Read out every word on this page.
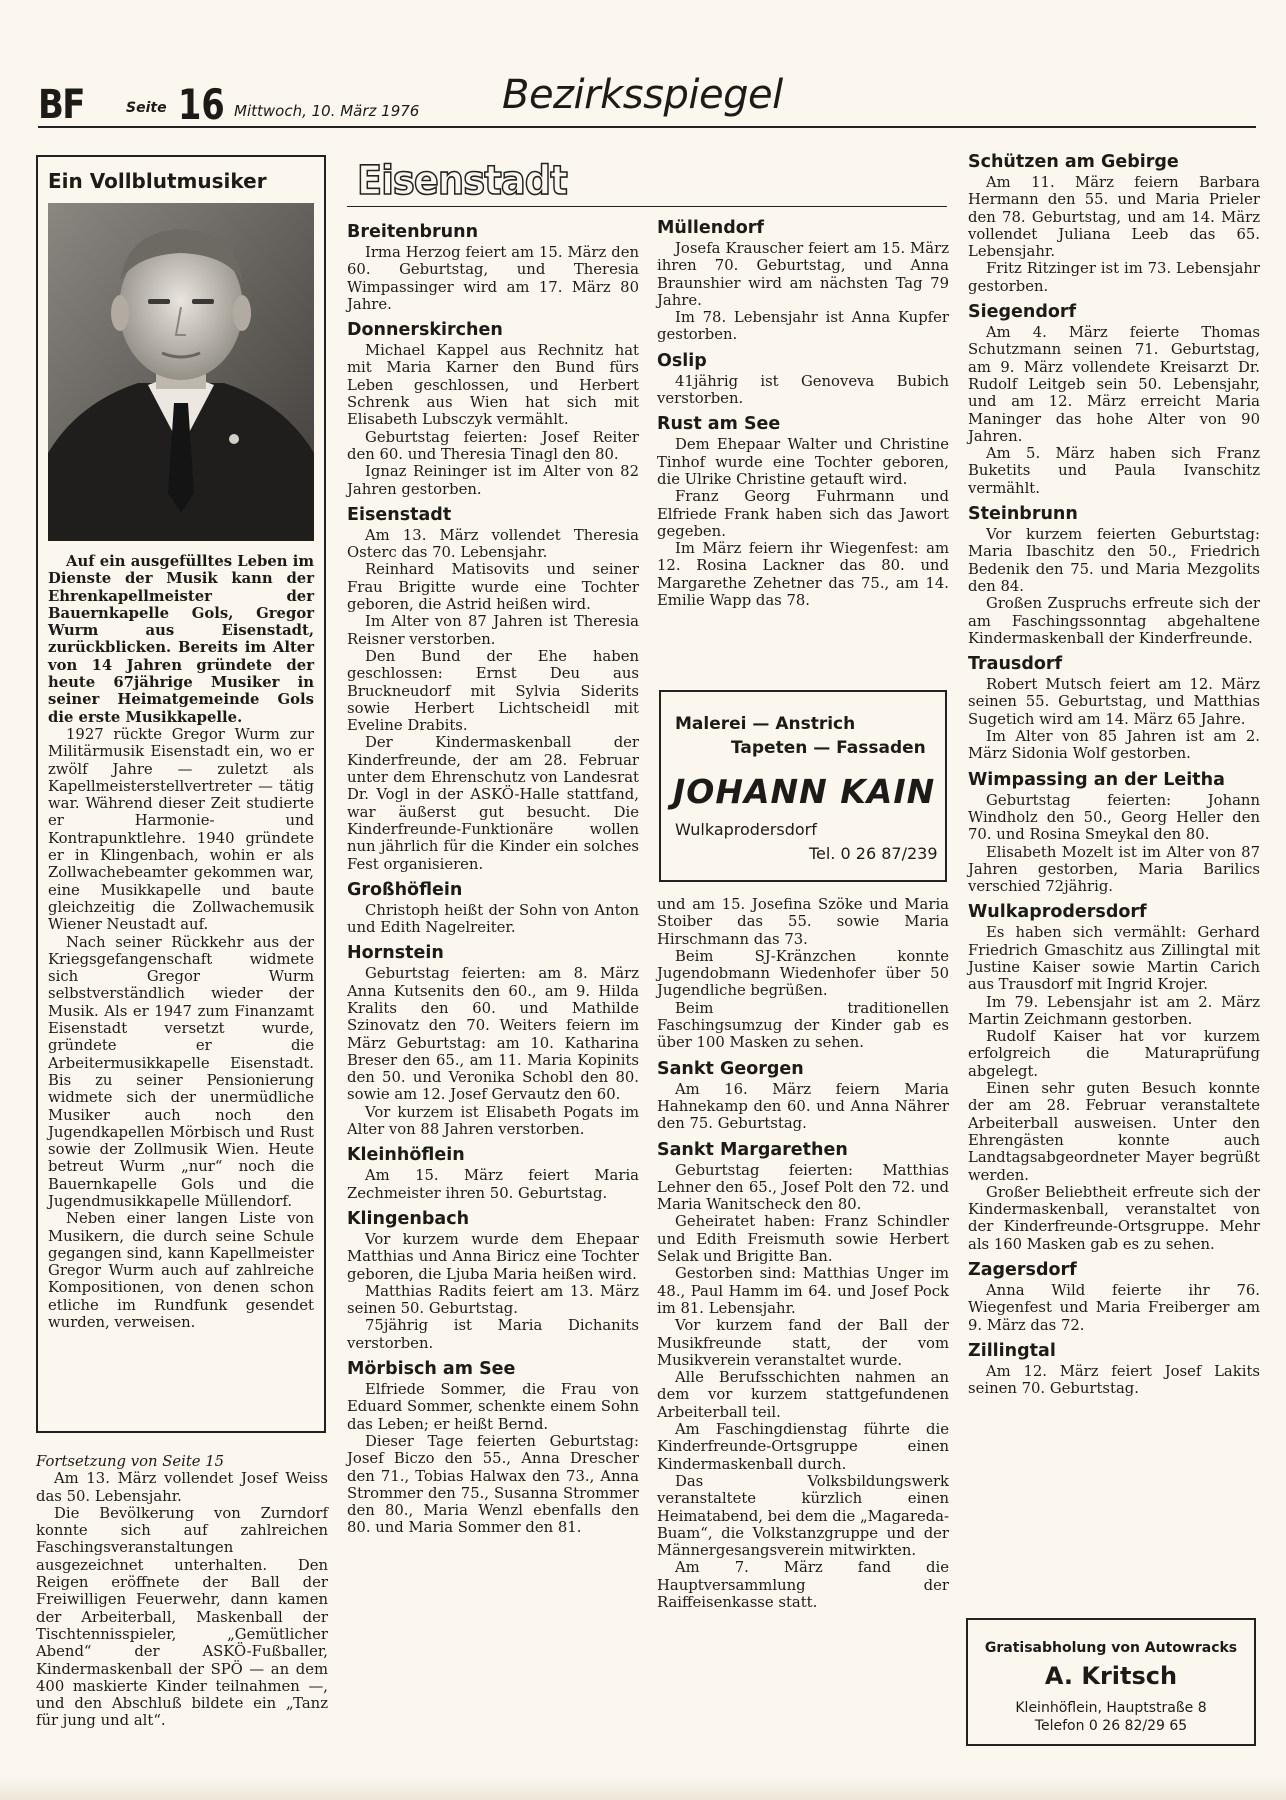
BF	Seite 16 Mittwoch, 10. März 1976 Bezirksspiegel
Ein Vollblutmusiker

Auf ein ausgefülltes Leben im Dienste der Musik kann der Ehrenkapellmeister der Bauernkapelle Gols, Gregor Wurm aus Eisenstadt, zurückblicken. Bereits im Alter von 14 Jahren gründete der heute 67jährige Musiker in seiner Heimatgemeinde Gols die erste Musikkapelle.

1927 rückte Gregor Wurm zur Militärmusik Eisenstadt ein, wo er zwölf Jahre — zuletzt als Kapellmeisterstellvertreter — tätig war. Während dieser Zeit studierte er Harmonie- und Kontrapunktlehre. 1940 gründete er in Klingenbach, wohin er als Zollwachebeamter gekommen war, eine Musikkapelle und baute gleichzeitig die Zollwachemusik Wiener Neustadt auf.

Nach seiner Rückkehr aus der Kriegsgefangenschaft widmete sich Gregor Wurm selbstverständlich wieder der Musik. Als er 1947 zum Finanzamt Eisenstadt versetzt wurde, gründete er die Arbeitermusikkapelle Eisenstadt. Bis zu seiner Pensionierung widmete sich der unermüdliche Musiker auch noch den Jugendkapellen Mörbisch und Rust sowie der Zollmusik Wien. Heute betreut Wurm „nur“ noch die Bauernkapelle Gols und die Jugendmusikkapelle Müllendorf.

Neben einer langen Liste von Musikern, die durch seine Schule gegangen sind, kann Kapellmeister Gregor Wurm auch auf zahlreiche Kompositionen, von denen schon etliche im Rundfunk gesendet wurden, verweisen.

Fortsetzung von Seite 15

Am 13. März vollendet Josef Weiss das 50. Lebensjahr.

Die Bevölkerung von Zurndorf konnte sich auf zahlreichen Faschingsveranstaltungen ausgezeichnet unterhalten. Den Reigen eröffnete der Ball der Freiwilligen Feuerwehr, dann kamen der Arbeiterball, Maskenball der Tischtennisspieler, „Gemütlicher Abend“ der ASKÖ-Fußballer, Kindermaskenball der SPÖ — an dem 400 maskierte Kinder teilnahmen —, und den Abschluß bildete ein „Tanz für jung und alt“.

Eisenstadt
Breitenbrunn

Irma Herzog feiert am 15. März den 60. Geburtstag, und Theresia Wimpassinger wird am 17. März 80 Jahre.

Donnerskirchen

Michael Kappel aus Rechnitz hat mit Maria Karner den Bund fürs Leben geschlossen, und Herbert Schrenk aus Wien hat sich mit Elisabeth Lubsczyk vermählt.

Geburtstag feierten: Josef Reiter den 60. und Theresia Tinagl den 80.

Ignaz Reininger ist im Alter von 82 Jahren gestorben.

Eisenstadt

Am 13. März vollendet Theresia Osterc das 70. Lebensjahr.

Reinhard Matisovits und seiner Frau Brigitte wurde eine Tochter geboren, die Astrid heißen wird.

Im Alter von 87 Jahren ist Theresia Reisner verstorben.

Den Bund der Ehe haben geschlossen: Ernst Deu aus Bruckneudorf mit Sylvia Siderits sowie Herbert Lichtscheidl mit Eveline Drabits.

Der Kindermaskenball der Kinderfreunde, der am 28. Februar unter dem Ehrenschutz von Landesrat Dr. Vogl in der ASKÖ-Halle stattfand, war äußerst gut besucht. Die Kinderfreunde-Funktionäre wollen nun jährlich für die Kinder ein solches Fest organisieren.

Großhöflein

Christoph heißt der Sohn von Anton und Edith Nagelreiter.

Hornstein

Geburtstag feierten: am 8. März Anna Kutsenits den 60., am 9. Hilda Kralits den 60. und Mathilde Szinovatz den 70. Weiters feiern im März Geburtstag: am 10. Katharina Breser den 65., am 11. Maria Kopinits den 50. und Veronika Schobl den 80. sowie am 12. Josef Gervautz den 60.

Vor kurzem ist Elisabeth Pogats im Alter von 88 Jahren verstorben.

Kleinhöflein

Am 15. März feiert Maria Zechmeister ihren 50. Geburtstag.

Klingenbach

Vor kurzem wurde dem Ehepaar Matthias und Anna Biricz eine Tochter geboren, die Ljuba Maria heißen wird.

Matthias Radits feiert am 13. März seinen 50. Geburtstag.

75jährig ist Maria Dichanits verstorben.

Mörbisch am See

Elfriede Sommer, die Frau von Eduard Sommer, schenkte einem Sohn das Leben; er heißt Bernd.

Dieser Tage feierten Geburtstag: Josef Biczo den 55., Anna Drescher den 71., Tobias Halwax den 73., Anna Strommer den 75., Susanna Strommer den 80., Maria Wenzl ebenfalls den 80. und Maria Sommer den 81.

Müllendorf

Josefa Krauscher feiert am 15. März ihren 70. Geburtstag, und Anna Braunshier wird am nächsten Tag 79 Jahre.

Im 78. Lebensjahr ist Anna Kupfer gestorben.

Oslip

41jährig ist Genoveva Bubich verstorben.

Rust am See

Dem Ehepaar Walter und Christine Tinhof wurde eine Tochter geboren, die Ulrike Christine getauft wird.

Franz Georg Fuhrmann und Elfriede Frank haben sich das Jawort gegeben.

Im März feiern ihr Wiegenfest: am 12. Rosina Lackner das 80. und Margarethe Zehetner das 75., am 14. Emilie Wapp das 78.

und am 15. Josefina Szöke und Maria Stoiber das 55. sowie Maria Hirschmann das 73.

Beim SJ-Kränzchen konnte Jugendobmann Wiedenhofer über 50 Jugendliche begrüßen.

Beim traditionellen Faschingsumzug der Kinder gab es über 100 Masken zu sehen.

Sankt Georgen

Am 16. März feiern Maria Hahnekamp den 60. und Anna Nährer den 75. Geburtstag.

Sankt Margarethen

Geburtstag feierten: Matthias Lehner den 65., Josef Polt den 72. und Maria Wanitscheck den 80.

Geheiratet haben: Franz Schindler und Edith Freismuth sowie Herbert Selak und Brigitte Ban.

Gestorben sind: Matthias Unger im 48., Paul Hamm im 64. und Josef Pock im 81. Lebensjahr.

Vor kurzem fand der Ball der Musikfreunde statt, der vom Musikverein veranstaltet wurde.

Alle Berufsschichten nahmen an dem vor kurzem stattgefundenen Arbeiterball teil.

Am Faschingdienstag führte die Kinderfreunde-Ortsgruppe einen Kindermaskenball durch.

Das Volksbildungswerk veranstaltete kürzlich einen Heimatabend, bei dem die „Magareda-Buam“, die Volkstanzgruppe und der Männergesangsverein mitwirkten.

Am 7. März fand die Hauptversammlung der Raiffeisenkasse statt.

Schützen am Gebirge

Am 11. März feiern Barbara Hermann den 55. und Maria Prieler den 78. Geburtstag, und am 14. März vollendet Juliana Leeb das 65. Lebensjahr.

Fritz Ritzinger ist im 73. Lebensjahr gestorben.

Siegendorf

Am 4. März feierte Thomas Schutzmann seinen 71. Geburtstag, am 9. März vollendete Kreisarzt Dr. Rudolf Leitgeb sein 50. Lebensjahr, und am 12. März erreicht Maria Maninger das hohe Alter von 90 Jahren.

Am 5. März haben sich Franz Buketits und Paula Ivanschitz vermählt.

Steinbrunn

Vor kurzem feierten Geburtstag: Maria Ibaschitz den 50., Friedrich Bedenik den 75. und Maria Mezgolits den 84.

Großen Zuspruchs erfreute sich der am Faschingssonntag abgehaltene Kindermaskenball der Kinderfreunde.

Trausdorf

Robert Mutsch feiert am 12. März seinen 55. Geburtstag, und Matthias Sugetich wird am 14. März 65 Jahre.

Im Alter von 85 Jahren ist am 2. März Sidonia Wolf gestorben.

Wimpassing an der Leitha

Geburtstag feierten: Johann Windholz den 50., Georg Heller den 70. und Rosina Smeykal den 80.

Elisabeth Mozelt ist im Alter von 87 Jahren gestorben, Maria Barilics verschied 72jährig.

Wulkaprodersdorf

Es haben sich vermählt: Gerhard Friedrich Gmaschitz aus Zillingtal mit Justine Kaiser sowie Martin Carich aus Trausdorf mit Ingrid Krojer.

Im 79. Lebensjahr ist am 2. März Martin Zeichmann gestorben.

Rudolf Kaiser hat vor kurzem erfolgreich die Maturaprüfung abgelegt.

Einen sehr guten Besuch konnte der am 28. Februar veranstaltete Arbeiterball ausweisen. Unter den Ehrengästen konnte auch Landtagsabgeordneter Mayer begrüßt werden.

Großer Beliebtheit erfreute sich der Kindermaskenball, veranstaltet von der Kinderfreunde-Ortsgruppe. Mehr als 160 Masken gab es zu sehen.

Zagersdorf

Anna Wild feierte ihr 76. Wiegenfest und Maria Freiberger am 9. März das 72.

Zillingtal

Am 12. März feiert Josef Lakits seinen 70. Geburtstag.

Malerei — Anstrich
Tapeten — Fassaden
JOHANN KAIN
Wulkaprodersdorf
Tel. 0 26 87/239
Gratisabholung von Autowracks
A. Kritsch
Kleinhöflein, Hauptstraße 8
Telefon 0 26 82/29 65
